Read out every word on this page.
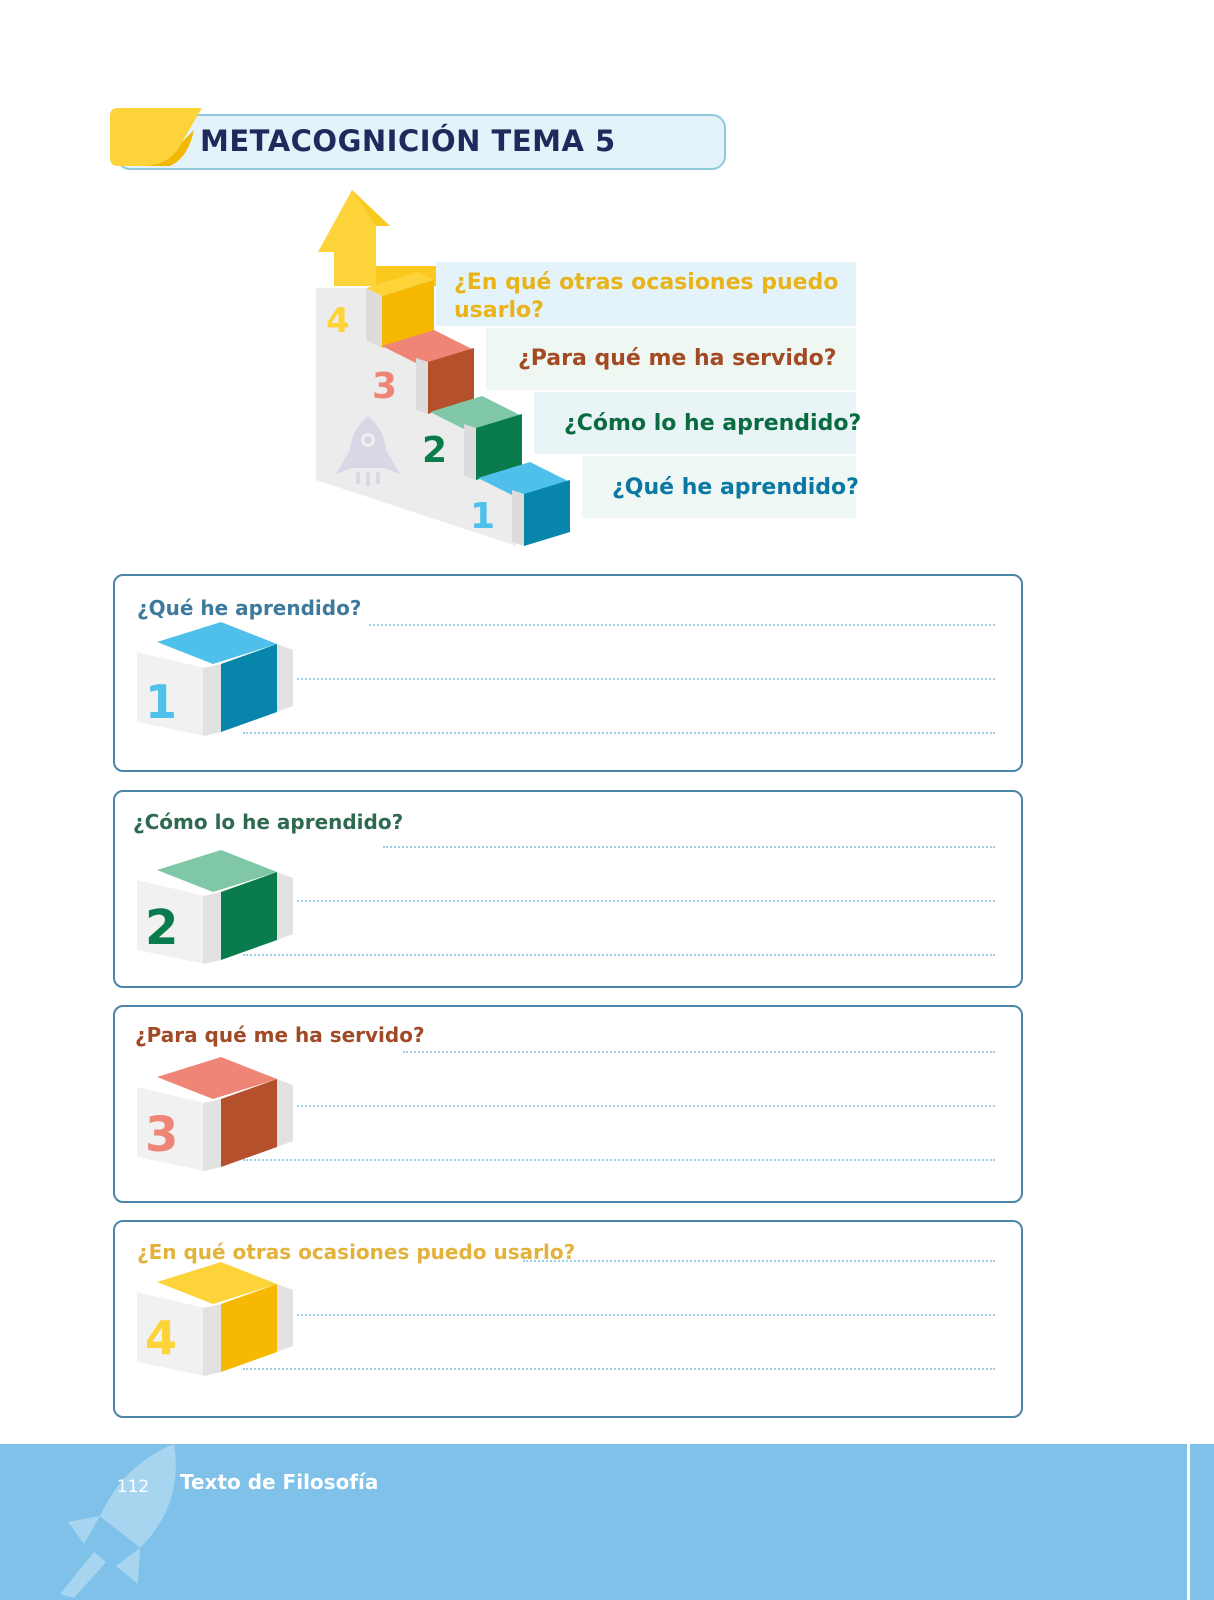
METACOGNICIÓN TEMA 5
4
3
2
1
¿En qué otras ocasiones puedo
usarlo?
¿Para qué me ha servido?
¿Cómo lo he aprendido?
¿Qué he aprendido?
¿Qué he aprendido?
1
¿Cómo lo he aprendido?
2
¿Para qué me ha servido?
3
¿En qué otras ocasiones puedo usarlo?
4
112 Texto de Filosofía
